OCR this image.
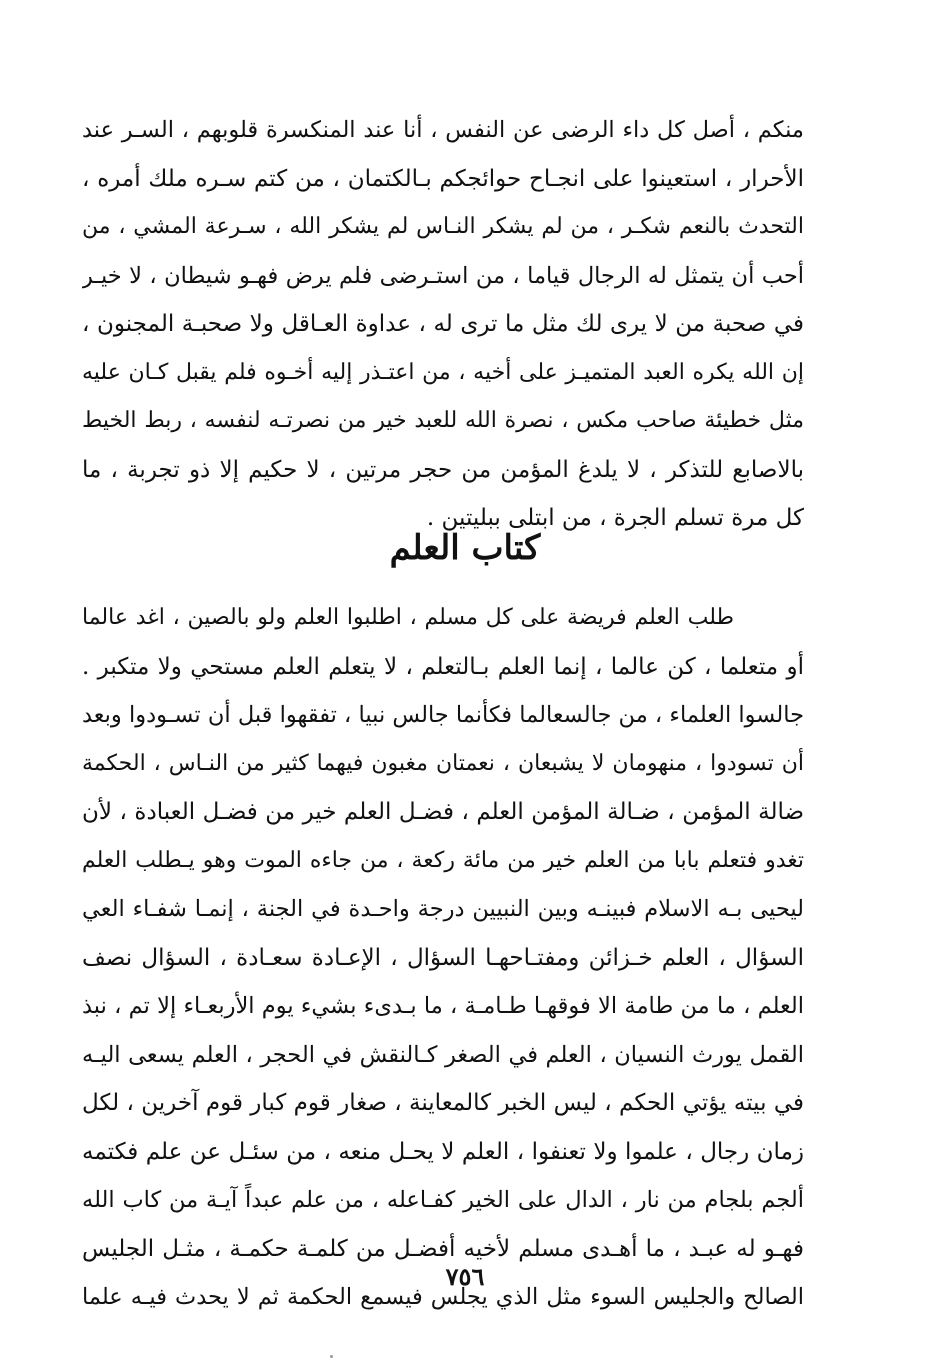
منكم ، أصل كل داء الرضى عن النفس ، أنا عند المنكسرة قلوبهم ، السـر عند
الأحرار ، استعينوا على انجـاح حوائجكم بـالكتمان ، من كتم سـره ملك أمره ،
التحدث بالنعم شكـر ، من لم يشكر النـاس لم يشكر الله ، سـرعة المشي ، من
أحب أن يتمثل له الرجال قياما ، من استـرضى فلم يرض فهـو شيطان ، لا خيـر
في صحبة من لا يرى لك مثل ما ترى له ، عداوة العـاقل ولا صحبـة المجنون ،
إن الله يكره العبد المتميـز على أخيه ، من اعتـذر إليه أخـوه فلم يقبل كـان عليه
مثل خطيئة صاحب مكس ، نصرة الله للعبد خير من نصرتـه لنفسه ، ربط الخيط
بالاصابع للتذكر ، لا يلدغ المؤمن من حجر مرتين ، لا حكيم إلا ذو تجربة ، ما
كل مرة تسلم الجرة ، من ابتلى ببليتين .
كتاب العلم
طلب العلم فريضة على كل مسلم ، اطلبوا العلم ولو بالصين ، اغد عالما
أو متعلما ، كن عالما ، إنما العلم بـالتعلم ، لا يتعلم العلم مستحي ولا متكبر .
جالسوا العلماء ، من جالسعالما فكأنما جالس نبيا ، تفقهوا قبل أن تسـودوا وبعد
أن تسودوا ، منهومان لا يشبعان ، نعمتان مغبون فيهما كثير من النـاس ، الحكمة
ضالة المؤمن ، ضـالة المؤمن العلم ، فضـل العلم خير من فضـل العبادة ، لأن
تغدو فتعلم بابا من العلم خير من مائة ركعة ، من جاءه الموت وهو يـطلب العلم
ليحيى بـه الاسلام فبينـه وبين النبيين درجة واحـدة في الجنة ، إنمـا شفـاء العي
السؤال ، العلم خـزائن ومفتـاحهـا السؤال ، الإعـادة سعـادة ، السؤال نصف
العلم ، ما من طامة الا فوقهـا طـامـة ، ما بـدىء بشيء يوم الأربعـاء إلا تم ، نبذ
القمل يورث النسيان ، العلم في الصغر كـالنقش في الحجر ، العلم يسعى اليـه
في بيته يؤتي الحكم ، ليس الخبر كالمعاينة ، صغار قوم كبار قوم آخرين ، لكل
زمان رجال ، علموا ولا تعنفوا ، العلم لا يحـل منعه ، من سئـل عن علم فكتمه
ألجم بلجام من نار ، الدال على الخير كفـاعله ، من علم عبداً آيـة من كاب الله
فهـو له عبـد ، ما أهـدى مسلم لأخيه أفضـل من كلمـة حكمـة ، مثـل الجليس
الصالح والجليس السوء مثل الذي يجلس فيسمع الحكمة ثم لا يحدث فيـه علما
٧٥٦
